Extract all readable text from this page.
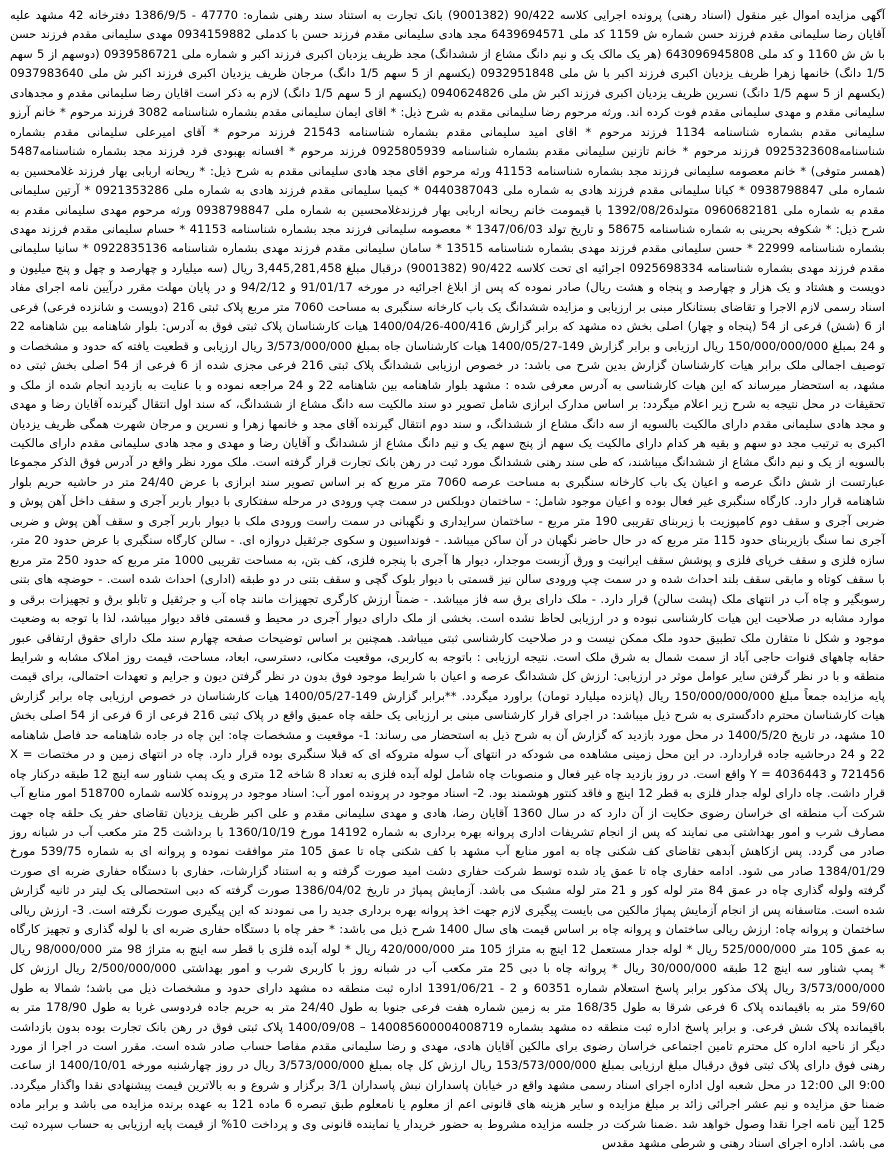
آگهی مزایده اموال غیر منقول (اسناد رهنی) پرونده اجرایی کلاسه 90/422 (9001382) بانک تجارت به استناد سند رهنی شماره: 47770 - 1386/9/5 دفترخانه 42 مشهد علیه آقایان رضا سلیمانی مقدم فرزند حسن شماره ش 1159 کد ملی 6439694571 مجد هادی سلیمانی مقدم فرزند حسن با کدملی 0934159882 مهدی سلیمانی مقدم فرزند حسن با ش ش 1160 و کد ملی 643096945808 (هر یک مالک یک و نیم دانگ مشاع از ششدانگ) مجد ظریف یزدیان اکبری فرزند اکبر و شماره ملی 0939586721 (دوسهم از 5 سهم 1/5 دانگ) خانمها زهرا ظریف یزدیان اکبری فرزند اکبر با ش ملی 0932951848 (یکسهم از 5 سهم 1/5 دانگ) مرجان ظریف یزدیان اکبری فرزند اکبر ش ملی 0937983640 (یکسهم از 5 سهم 1/5 دانگ) نسرین ظریف یزدیان اکبری فرزند اکبر ش ملی 0940624826 (یکسهم از 5 سهم 1/5 دانگ) لازم به ذکر است اقایان رضا سلیمانی مقدم و مجدهادی سلیمانی مقدم و مهدی سلیمانی مقدم فوت کرده اند. ورثه مرحوم رضا سلیمانی مقدم به شرح ذیل: * اقای ایمان سلیمانی مقدم بشماره شناسنامه 3082 فرزند مرحوم * خانم آرزو سلیمانی مقدم بشماره شناسنامه 1134 فرزند مرحوم * اقای امید سلیمانی مقدم بشماره شناسنامه 21543 فرزند مرحوم * آقای امیرعلی سلیمانی مقدم بشماره شناسنامه0925323608 فرزند مرحوم * خانم تازنین سلیمانی مقدم بشماره شناسنامه 0925805939 فرزند مرحوم * افسانه بهبودی فرد فرزند مجد بشماره شناسنامه5487 (همسر متوفی) * خانم معصومه سلیمانی فرزند مجد بشماره شناسنامه 41153 ورثه مرحوم اقای مجد هادی سلیمانی مقدم به شرح ذیل: * ریحانه اربابی بهار فرزند غلامحسین به شماره ملی 0938798847 * کیانا سلیمانی مقدم فرزند هادی به شماره ملی 0440387043 * کیمیا سلیمانی مقدم فرزند هادی به شماره ملی 0921353286 * آرتین سلیمانی مقدم به شماره ملی 0960682181 متولد1392/08/26 با قیمومت خانم ریحانه اربابی بهار فرزندغلامحسین به شماره ملی 0938798847 ورثه مرحوم مهدی سلیمانی مقدم به شرح ذیل: * شکوفه بحرینی به شماره شناسنامه 58675 و تاریخ تولد 1347/06/03 * معصومه سلیمانی فرزند مجد بشماره شناسنامه 41153 * حسام سلیمانی مقدم فرزند مهدی بشماره شناسنامه 22999 * حسن سلیمانی مقدم فرزند مهدی بشماره شناسنامه 13515 * سامان سلیمانی مقدم فرزند مهدی بشماره شناسنامه 0922835136 * سانیا سلیمانی مقدم فرزند مهدی بشماره شناسنامه 0925698334 اجرائیه ای تحت کلاسه 90/422 (9001382) درقبال مبلغ 3,445,281,458 ریال (سه میلیارد و چهارصد و چهل و پنج میلیون و دویست و هشتاد و یک هزار و چهارصد و پنجاه و هشت ریال) صادر نموده که پس از ابلاغ اجرائیه در مورخه 91/01/17 و 94/2/12 و در پایان مهلت مقرر درآیین نامه اجرای مفاد اسناد رسمی لازم الاجرا و تقاضای بستانکار مبنی بر ارزیابی و مزایده ششدانگ یک باب کارخانه سنگبری به مساحت 7060 متر مربع پلاک ثبتی 216 (دویست و شانزده فرعی) فرعی از 6 (شش) فرعی از 54 (پنجاه و چهار) اصلی بخش ده مشهد که برابر گزارش 400/416-1400/04/26 هیات کارشناسان پلاک ثبتی فوق به آدرس: بلوار شاهنامه بین شاهنامه 22 و 24 بمبلغ 150/000/000/000 ریال ارزیابی و برابر گزارش 149-1400/05/27 هیات کارشناسان جاه بمبلغ 3/573/000/000 ریال ارزیابی و قطعیت یافته که حدود و مشخصات و توصیف اجمالی ملک برابر هیات کارشناسان گزارش بدین شرح می باشد: در خصوص ارزیابی ششدانگ پلاک ثبتی 216 فرعی مجزی شده از 6 فرعی از 54 اصلی بخش ثبتی ده مشهد، به استحضار میرساند که این هیات کارشناسی به آدرس معرفی شده : مشهد بلوار شاهنامه بین شاهنامه 22 و 24 مراجعه نموده و با عنایت به بازدید انجام شده از ملک و تحقیقات در محل نتیجه به شرح زیر اعلام میگردد: بر اساس مدارک ابرازی شامل تصویر دو سند مالکیت سه دانگ مشاع از ششدانگ، که سند اول انتقال گیرنده آقایان رضا و مهدی و مجد هادی سلیمانی مقدم دارای مالکیت بالسویه از سه دانگ مشاع از ششدانگ، و سند دوم انتقال گیرنده آقای مجد و خانمها زهرا و نسرین و مرجان شهرت همگی ظریف یزدیان اکبری به ترتیب مجد دو سهم و بقیه هر کدام دارای مالکیت یک سهم از پنج سهم یک و نیم دانگ مشاع از ششدانگ و آقایان رضا و مهدی و مجد هادی سلیمانی مقدم دارای مالکیت بالسویه از یک و نیم دانگ مشاع از ششدانگ میباشند، که طی سند رهنی ششدانگ مورد ثبت در رهن بانک تجارت قرار گرفته است. ملک مورد نظر واقع در آدرس فوق الذکر مجموعا عبارتست از شش دانگ عرصه و اعیان یک باب کارخانه سنگبری به مساحت عرصه 7060 متر مربع که بر اساس تصویر سند ابرازی با عرض 24/40 متر در حاشیه حریم بلوار شاهنامه قرار دارد. کارگاه سنگبری غیر فعال بوده و اعیان موجود شامل: - ساختمان دوبلکس در سمت چپ ورودی در مرحله سفتکاری با دیوار باربر آجری و سقف داخل آهن پوش و ضربی آجری و سقف دوم کامپوزیت با زیربنای تقریبی 190 متر مربع - ساختمان سرایداری و نگهبانی در سمت راست ورودی ملک با دیوار باربر آجری و سقف آهن پوش و ضربی آجری نما سنگ بازیربنای حدود 115 متر مربع که در حال حاضر نگهبان در آن ساکن میباشد. - فونداسیون و سکوی جرثقیل دروازه ای. - سالن کارگاه سنگبری با عرض حدود 20 متر، سازه فلزی و سقف خرپای فلزی و پوشش سقف ایرانیت و ورق آزبست موجدار، دیوار ها آجری با پنجره فلزی، کف بتن، به مساحت تقریبی 1000 متر مربع که حدود 250 متر مربع با سقف کوتاه و مابقی سقف بلند احداث شده و در سمت چپ ورودی سالن نیز قسمتی با دیوار بلوک گچی و سقف بتنی در دو طبقه (اداری) احداث شده است. - حوضچه های بتنی رسوبگیر و چاه آب در انتهای ملک (پشت سالن) قرار دارد. - ملک دارای برق سه فاز میباشد. - ضمناً ارزش کارگری تجهیزات مانند چاه آب و جرثقیل و تابلو برق و تجهیزات برقی و موارد مشابه در صلاحیت این هیات کارشناسی نبوده و در ارزیابی لحاظ نشده است. بخشی از ملک دارای دیوار آجری در محیط و قسمتی فاقد دیوار میباشد، لذا با توجه به وضعیت موجود و شکل نا متقارن ملک تطبیق حدود ملک ممکن نیست و در صلاحیت کارشناسی ثبتی میباشد. همچنین بر اساس توضیحات صفحه چهارم سند ملک دارای حقوق ارتفاقی عبور حقابه چاههای قنوات حاجی آباد از سمت شمال به شرق ملک است. نتیجه ارزیابی : باتوجه به کاربری، موقعیت مکانی، دسترسی، ابعاد، مساحت، قیمت روز املاک مشابه و شرایط منطقه و با در نظر گرفتن سایر عوامل موثر در ارزیابی: ارزش کل ششدانگ عرصه و اعیان با شرایط موجود فوق بدون در نظر گرفتن دیون و جرایم و تعهدات احتمالی، برای قیمت پایه مزایده جمعاً مبلغ 150/000/000/000 ریال (پانزده میلیارد تومان) براورد میگردد. **برابر گزارش 149-1400/05/27 هیات کارشناسان در خصوص ارزیابی چاه برابر گزارش هیات کارشناسان محترم دادگستری به شرح ذیل میباشد: در اجرای قرار کارشناسی مبنی بر ارزیابی یک حلقه چاه عمیق واقع در پلاک ثبتی 216 فرعی از 6 فرعی از 54 اصلی بخش 10 مشهد، در تاریخ 1400/5/20 در محل مورد بازدید که گزارش آن به شرح ذیل به استحضار می رساند: 1- موقعیت و مشخصات چاه: این چاه در جاده شاهنامه حد فاصل شاهنامه 22 و 24 درحاشیه جاده قراردارد. در این محل زمینی مشاهده می شودکه در انتهای آب سوله متروکه ای که قبلا سنگبری بوده قرار دارد. چاه در انتهای زمین و در مختصات X = 721456 و Y = 4036443 واقع است. در روز بازدید چاه غیر فعال و منصوبات چاه شامل لوله آبده فلزی به تعداد 8 شاخه 12 متری و یک پمپ شناور سه اینچ 12 طبقه درکنار چاه قرار داشت. چاه دارای لوله جدار فلزی به قطر 12 اینچ و فاقد کنتور هوشمند بود. 2- اسناد موجود در پرونده امور آب: اسناد موجود در پرونده کلاسه شماره 518700 امور منابع آب شرکت آب منطقه ای خراسان رضوی حکایت از آن دارد که در سال 1360 آقایان رضا، هادی و مهدی سلیمانی مقدم و علی اکبر ظریف یزدیان تقاضای حفر یک حلقه چاه جهت مصارف شرب و امور بهداشتی می نمایند که پس از انجام تشریفات اداری پروانه بهره برداری به شماره 14192 مورخ 1360/10/19 با برداشت 25 متر مکعب آب در شبانه روز صادر می گردد. پس ازکاهش آبدهی تقاضای کف شکنی چاه به امور منابع آب مشهد با کف شکنی چاه تا عمق 105 متر موافقت نموده و پروانه ای به شماره 539/75 مورخ 1384/01/29 صادر می شود. ادامه حفاری چاه تا عمق یاد شده توسط شرکت حفاری دشت امید صورت گرفته و به استناد گزارشات، حفاری با دستگاه حفاری ضربه ای صورت گرفته ولوله گذاری چاه در عمق 84 متر لوله کور و 21 متر لوله مشبک می باشد. آزمایش پمپاژ در تاریخ 1386/04/02 صورت گرفته که دبی استحصالی یک لیتر در ثانیه گزارش شده است. متاسفانه پس از انجام آزمایش پمپاژ مالکین می بایست پیگیری لازم جهت اخذ پروانه بهره برداری جدید را می نمودند که این پیگیری صورت نگرفته است. 3- ارزش ریالی ساختمان و پروانه چاه: ارزش ریالی ساختمان و پروانه چاه بر اساس قیمت های سال 1400 شرح ذیل می باشد: * حفر چاه با دستگاه حفاری ضربه ای با لوله گذاری و تجهیز کارگاه به عمق 105 متر 525/000/000 ریال * لوله جدار مستعمل 12 اینچ به متراژ 105 متر 420/000/000 ریال * لوله آبده فلزی با قطر سه اینچ به متراژ 98 متر 98/000/000 ریال * پمپ شناور سه اینچ 12 طبقه 30/000/000 ریال * پروانه چاه با دبی 25 متر مکعب آب در شبانه روز با کاربری شرب و امور بهداشتی 2/500/000/000 ریال ارزش کل 3/573/000/000 ریال پلاک مذکور برابر پاسخ استعلام شماره 60351 و 2 - 1391/06/21 اداره ثبت منطقه ده مشهد دارای حدود و مشخصات ذیل می باشد؛ شمالا به طول 59/60 متر به باقیمانده پلاک 6 فرعی شرقا به طول 168/35 متر به زمین شماره هفت فرعی جنوبا به طول 24/40 متر به حریم جاده فردوسی غربا به طول 178/90 متر به باقیمانده پلاک شش فرعی. و برابر پاسخ اداره ثبت منطقه ده مشهد بشماره 140085600004008719 – 1400/09/08 پلاک ثبتی فوق در رهن بانک تجارت بوده بدون بازداشت دیگر از ناحیه اداره کل محترم تامین اجتماعی خراسان رضوی برای مالکین آقایان هادی، مهدی و رضا سلیمانی مقدم مفاصا حساب صادر شده است. مقرر است در اجرا از مورد رهنی فوق دارای پلاک ثبتی فوق درقبال مبلغ ارزیابی بمبلغ 153/573/000/000 ریال ارزش کل چاه بمبلغ 3/573/000/000 ریال در روز چهارشنبه مورخه 1400/10/01 از ساعت 9:00 الی 12:00 در محل شعبه اول اداره اجرای اسناد رسمی مشهد واقع در خیابان پاسداران نبش پاسداران 3/1 برگزار و شروع و به بالاترین قیمت پیشنهادی نقدا واگذار میگردد. ضمنا حق مزایده و نیم عشر اجرائی زائد بر مبلغ مزایده و سایر هزینه های قانونی اعم از معلوم یا نامعلوم طبق تبصره 6 ماده 121 به عهده برنده مزایده می باشد و برابر ماده 125 آیین نامه اجرا نقدا وصول خواهد شد .ضمنا شرکت در جلسه مزایده مشروط به حضور خریدار یا نماینده قانونی وی و پرداخت 10% از قیمت پایه ارزیابی به حساب سپرده ثبت می باشد. اداره اجرای اسناد رهنی و شرطی مشهد مقدس
